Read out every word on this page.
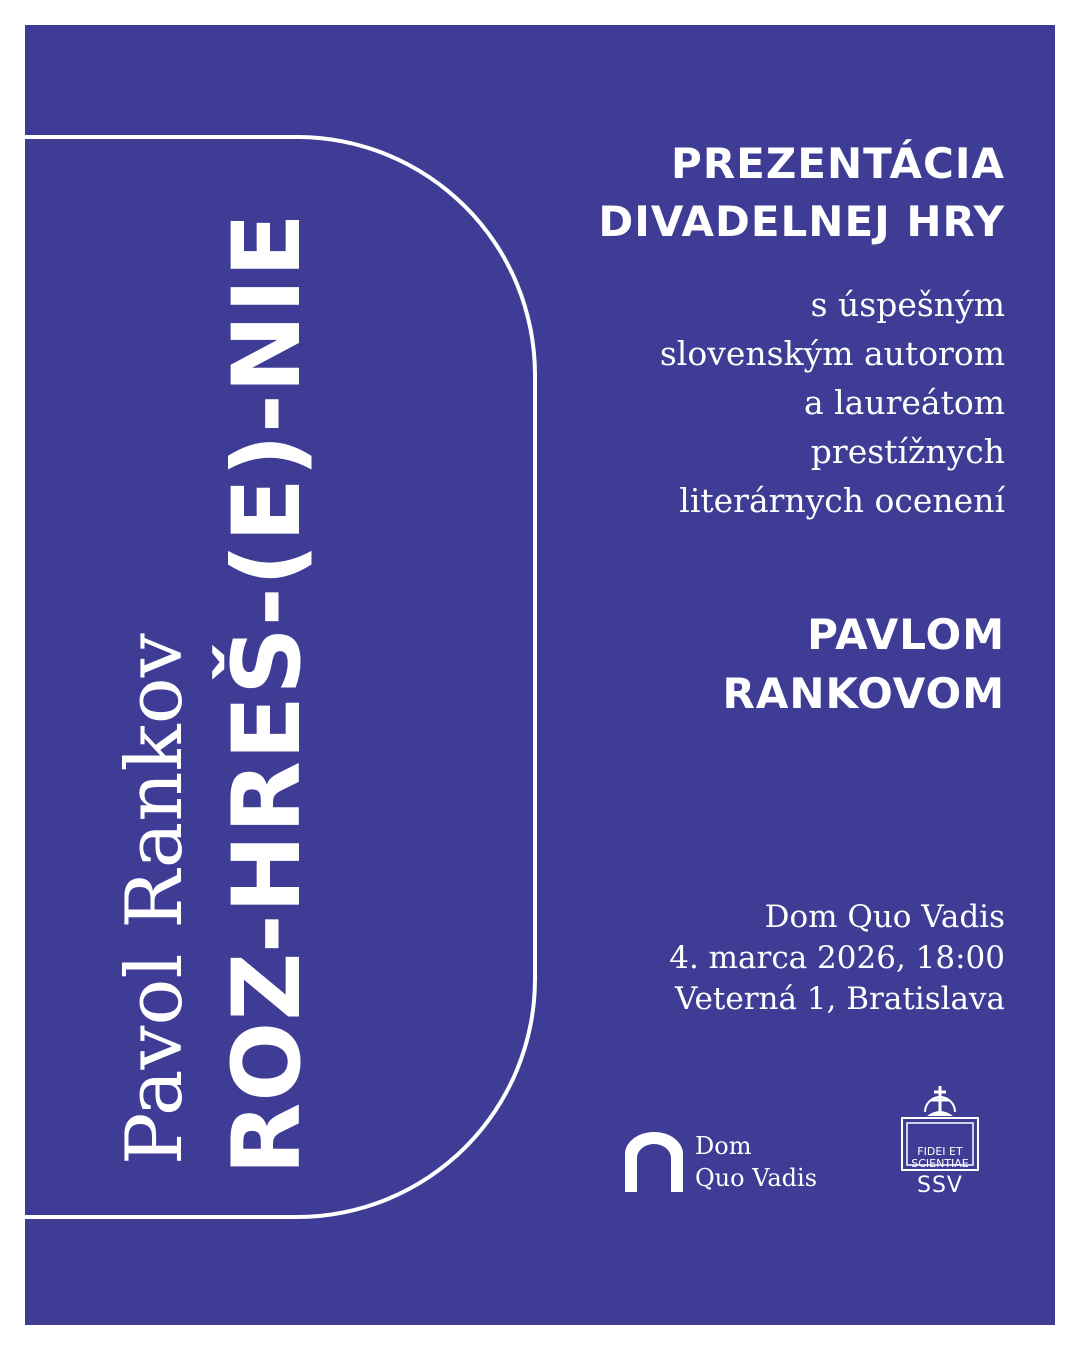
Pavol Rankov ROZ-HREŠ-(E)-NIE
PREZENTÁCIA
DIVADELNEJ HRY
s úspešným
slovenským autorom
a laureátom
prestížnych
literárnych ocenení
PAVLOM
RANKOVOM
Dom Quo Vadis
4. marca 2026, 18:00
Veterná 1, Bratislava
Dom
Quo Vadis
FIDEI ET
SCIENTIAE
SSV
